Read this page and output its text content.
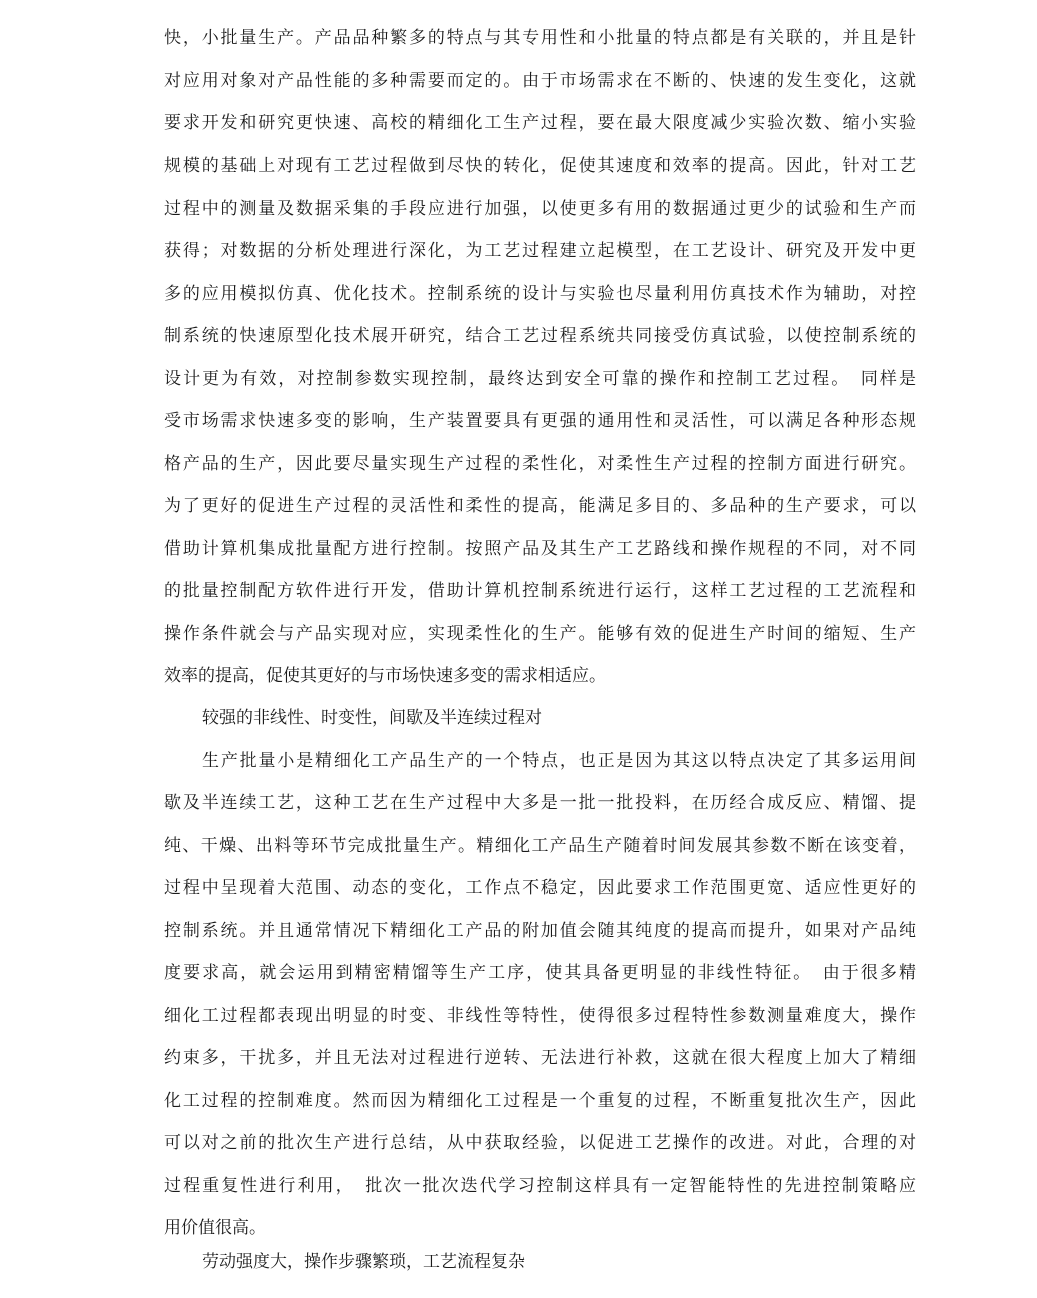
快，小批量生产。产品品种繁多的特点与其专用性和小批量的特点都是有关联的，并且是针
对应用对象对产品性能的多种需要而定的。由于市场需求在不断的、快速的发生变化，这就
要求开发和研究更快速、高校的精细化工生产过程，要在最大限度减少实验次数、缩小实验
规模的基础上对现有工艺过程做到尽快的转化，促使其速度和效率的提高。因此，针对工艺
过程中的测量及数据采集的手段应进行加强，以使更多有用的数据通过更少的试验和生产而
获得；对数据的分析处理进行深化，为工艺过程建立起模型，在工艺设计、研究及开发中更
多的应用模拟仿真、优化技术。控制系统的设计与实验也尽量利用仿真技术作为辅助，对控
制系统的快速原型化技术展开研究，结合工艺过程系统共同接受仿真试验，以使控制系统的
设计更为有效，对控制参数实现控制，最终达到安全可靠的操作和控制工艺过程。　同样是
受市场需求快速多变的影响，生产装置要具有更强的通用性和灵活性，可以满足各种形态规
格产品的生产，因此要尽量实现生产过程的柔性化，对柔性生产过程的控制方面进行研究。
为了更好的促进生产过程的灵活性和柔性的提高，能满足多目的、多品种的生产要求，可以
借助计算机集成批量配方进行控制。按照产品及其生产工艺路线和操作规程的不同，对不同
的批量控制配方软件进行开发，借助计算机控制系统进行运行，这样工艺过程的工艺流程和
操作条件就会与产品实现对应，实现柔性化的生产。能够有效的促进生产时间的缩短、生产
效率的提高，促使其更好的与市场快速多变的需求相适应。
较强的非线性、时变性，间歇及半连续过程对
生产批量小是精细化工产品生产的一个特点，也正是因为其这以特点决定了其多运用间
歇及半连续工艺，这种工艺在生产过程中大多是一批一批投料，在历经合成反应、精馏、提
纯、干燥、出料等环节完成批量生产。精细化工产品生产随着时间发展其参数不断在该变着，
过程中呈现着大范围、动态的变化，工作点不稳定，因此要求工作范围更宽、适应性更好的
控制系统。并且通常情况下精细化工产品的附加值会随其纯度的提高而提升，如果对产品纯
度要求高，就会运用到精密精馏等生产工序，使其具备更明显的非线性特征。　由于很多精
细化工过程都表现出明显的时变、非线性等特性，使得很多过程特性参数测量难度大，操作
约束多，干扰多，并且无法对过程进行逆转、无法进行补救，这就在很大程度上加大了精细
化工过程的控制难度。然而因为精细化工过程是一个重复的过程，不断重复批次生产，因此
可以对之前的批次生产进行总结，从中获取经验，以促进工艺操作的改进。对此，合理的对
过程重复性进行利用，　批次一批次迭代学习控制这样具有一定智能特性的先进控制策略应
用价值很高。
劳动强度大，操作步骤繁琐，工艺流程复杂
